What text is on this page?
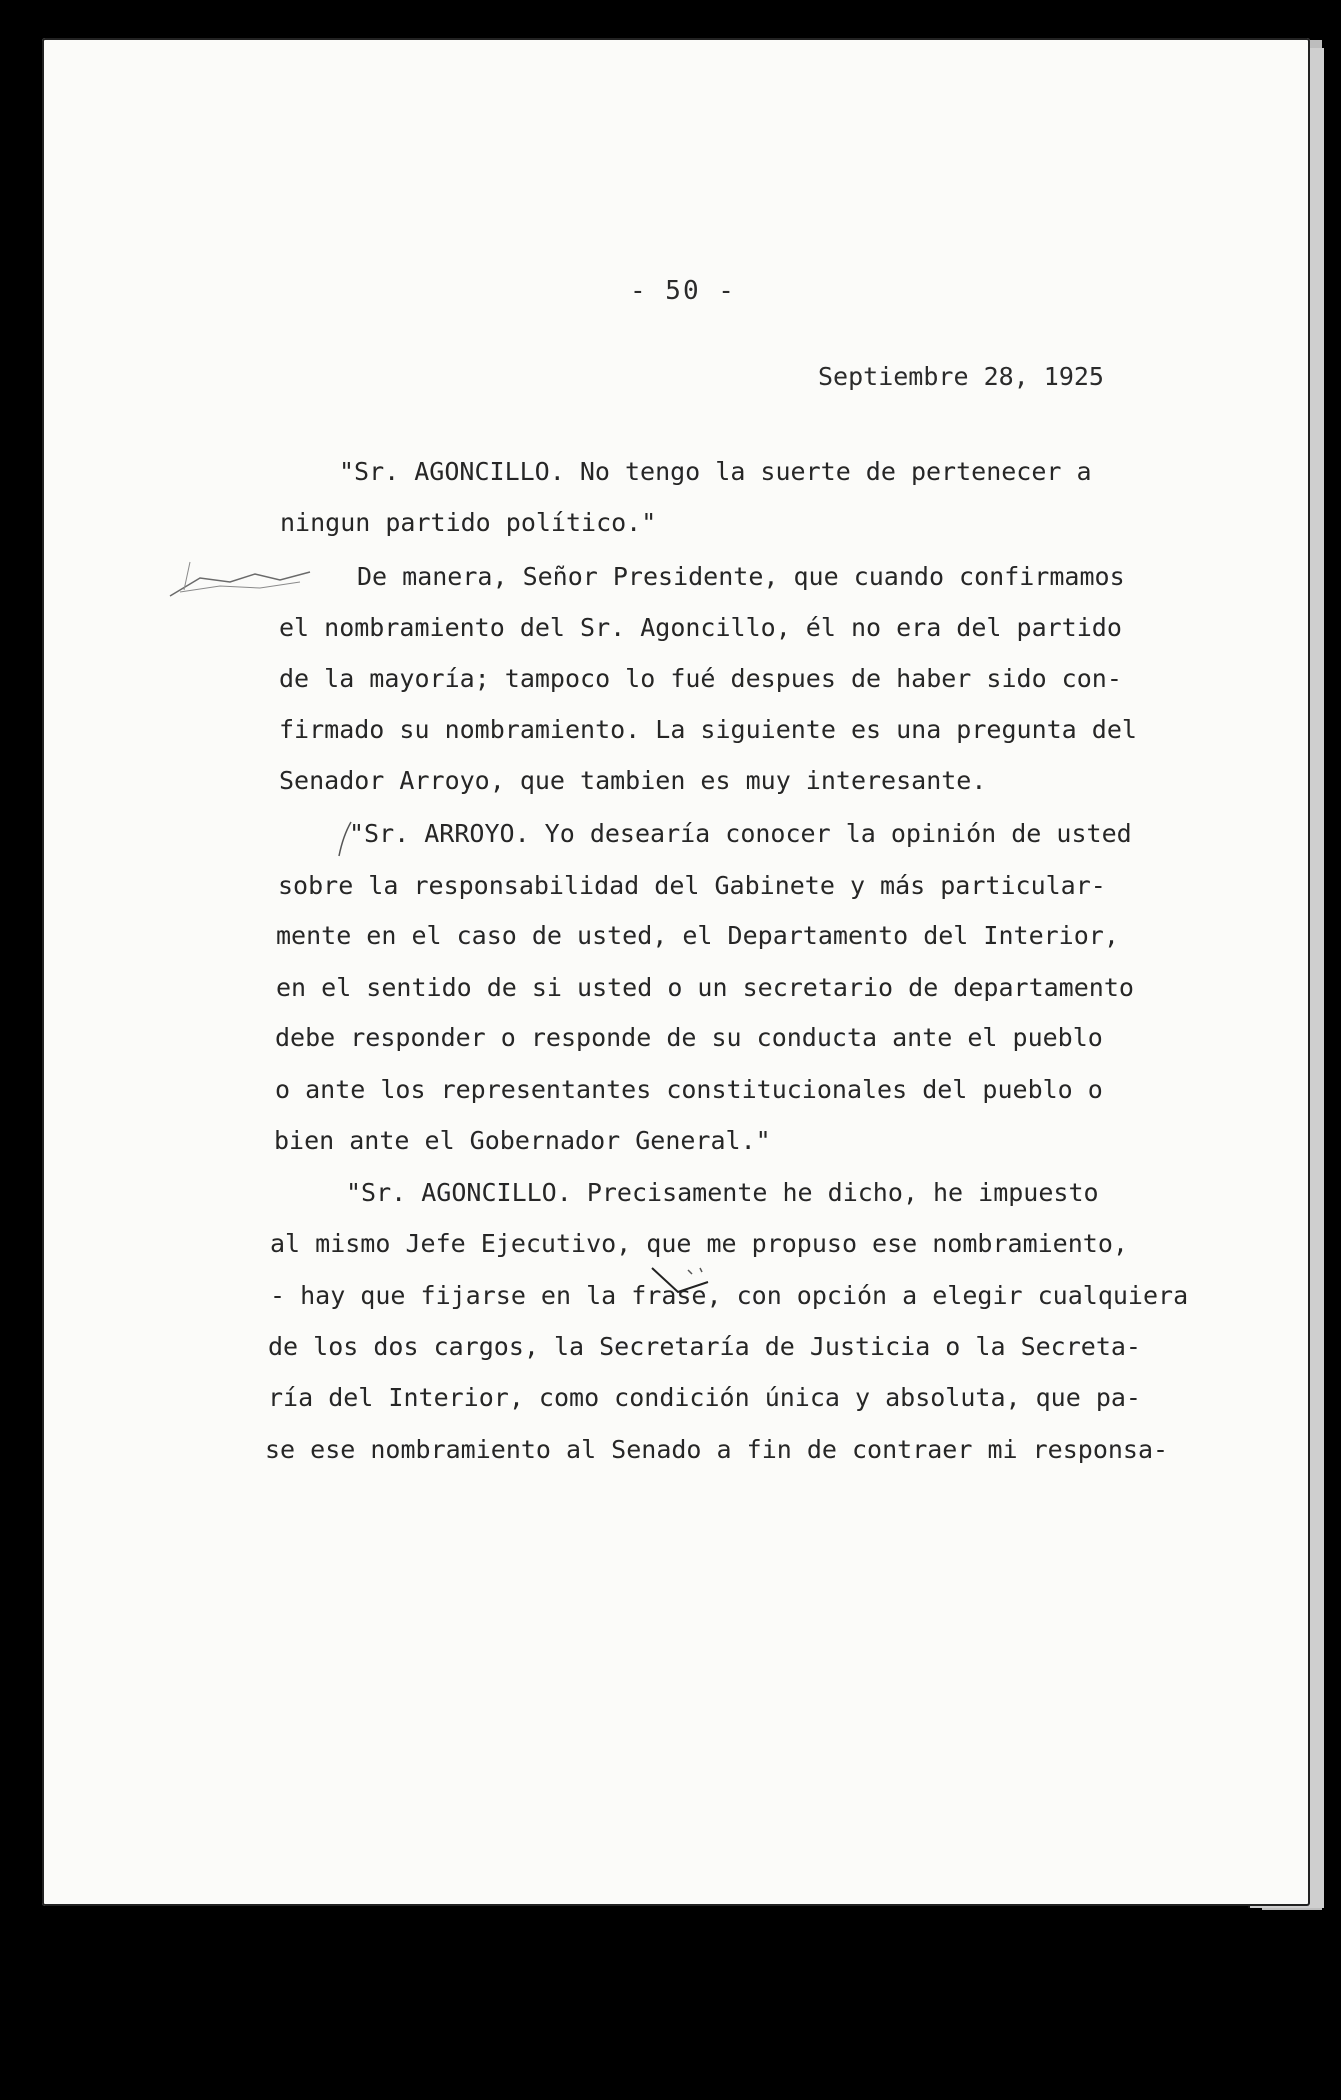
- 50 -
Septiembre 28, 1925
"Sr. AGONCILLO. No tengo la suerte de pertenecer a
ningun partido político."
De manera, Señor Presidente, que cuando confirmamos
el nombramiento del Sr. Agoncillo, él no era del partido
de la mayoría; tampoco lo fué despues de haber sido con-
firmado su nombramiento. La siguiente es una pregunta del
Senador Arroyo, que tambien es muy interesante.
"Sr. ARROYO. Yo desearía conocer la opinión de usted
sobre la responsabilidad del Gabinete y más particular-
mente en el caso de usted, el Departamento del Interior,
en el sentido de si usted o un secretario de departamento
debe responder o responde de su conducta ante el pueblo
o ante los representantes constitucionales del pueblo o
bien ante el Gobernador General."
"Sr. AGONCILLO. Precisamente he dicho, he impuesto
al mismo Jefe Ejecutivo, que me propuso ese nombramiento,
- hay que fijarse en la frase, con opción a elegir cualquiera
de los dos cargos, la Secretaría de Justicia o la Secreta-
ría del Interior, como condición única y absoluta, que pa-
se ese nombramiento al Senado a fin de contraer mi responsa-
